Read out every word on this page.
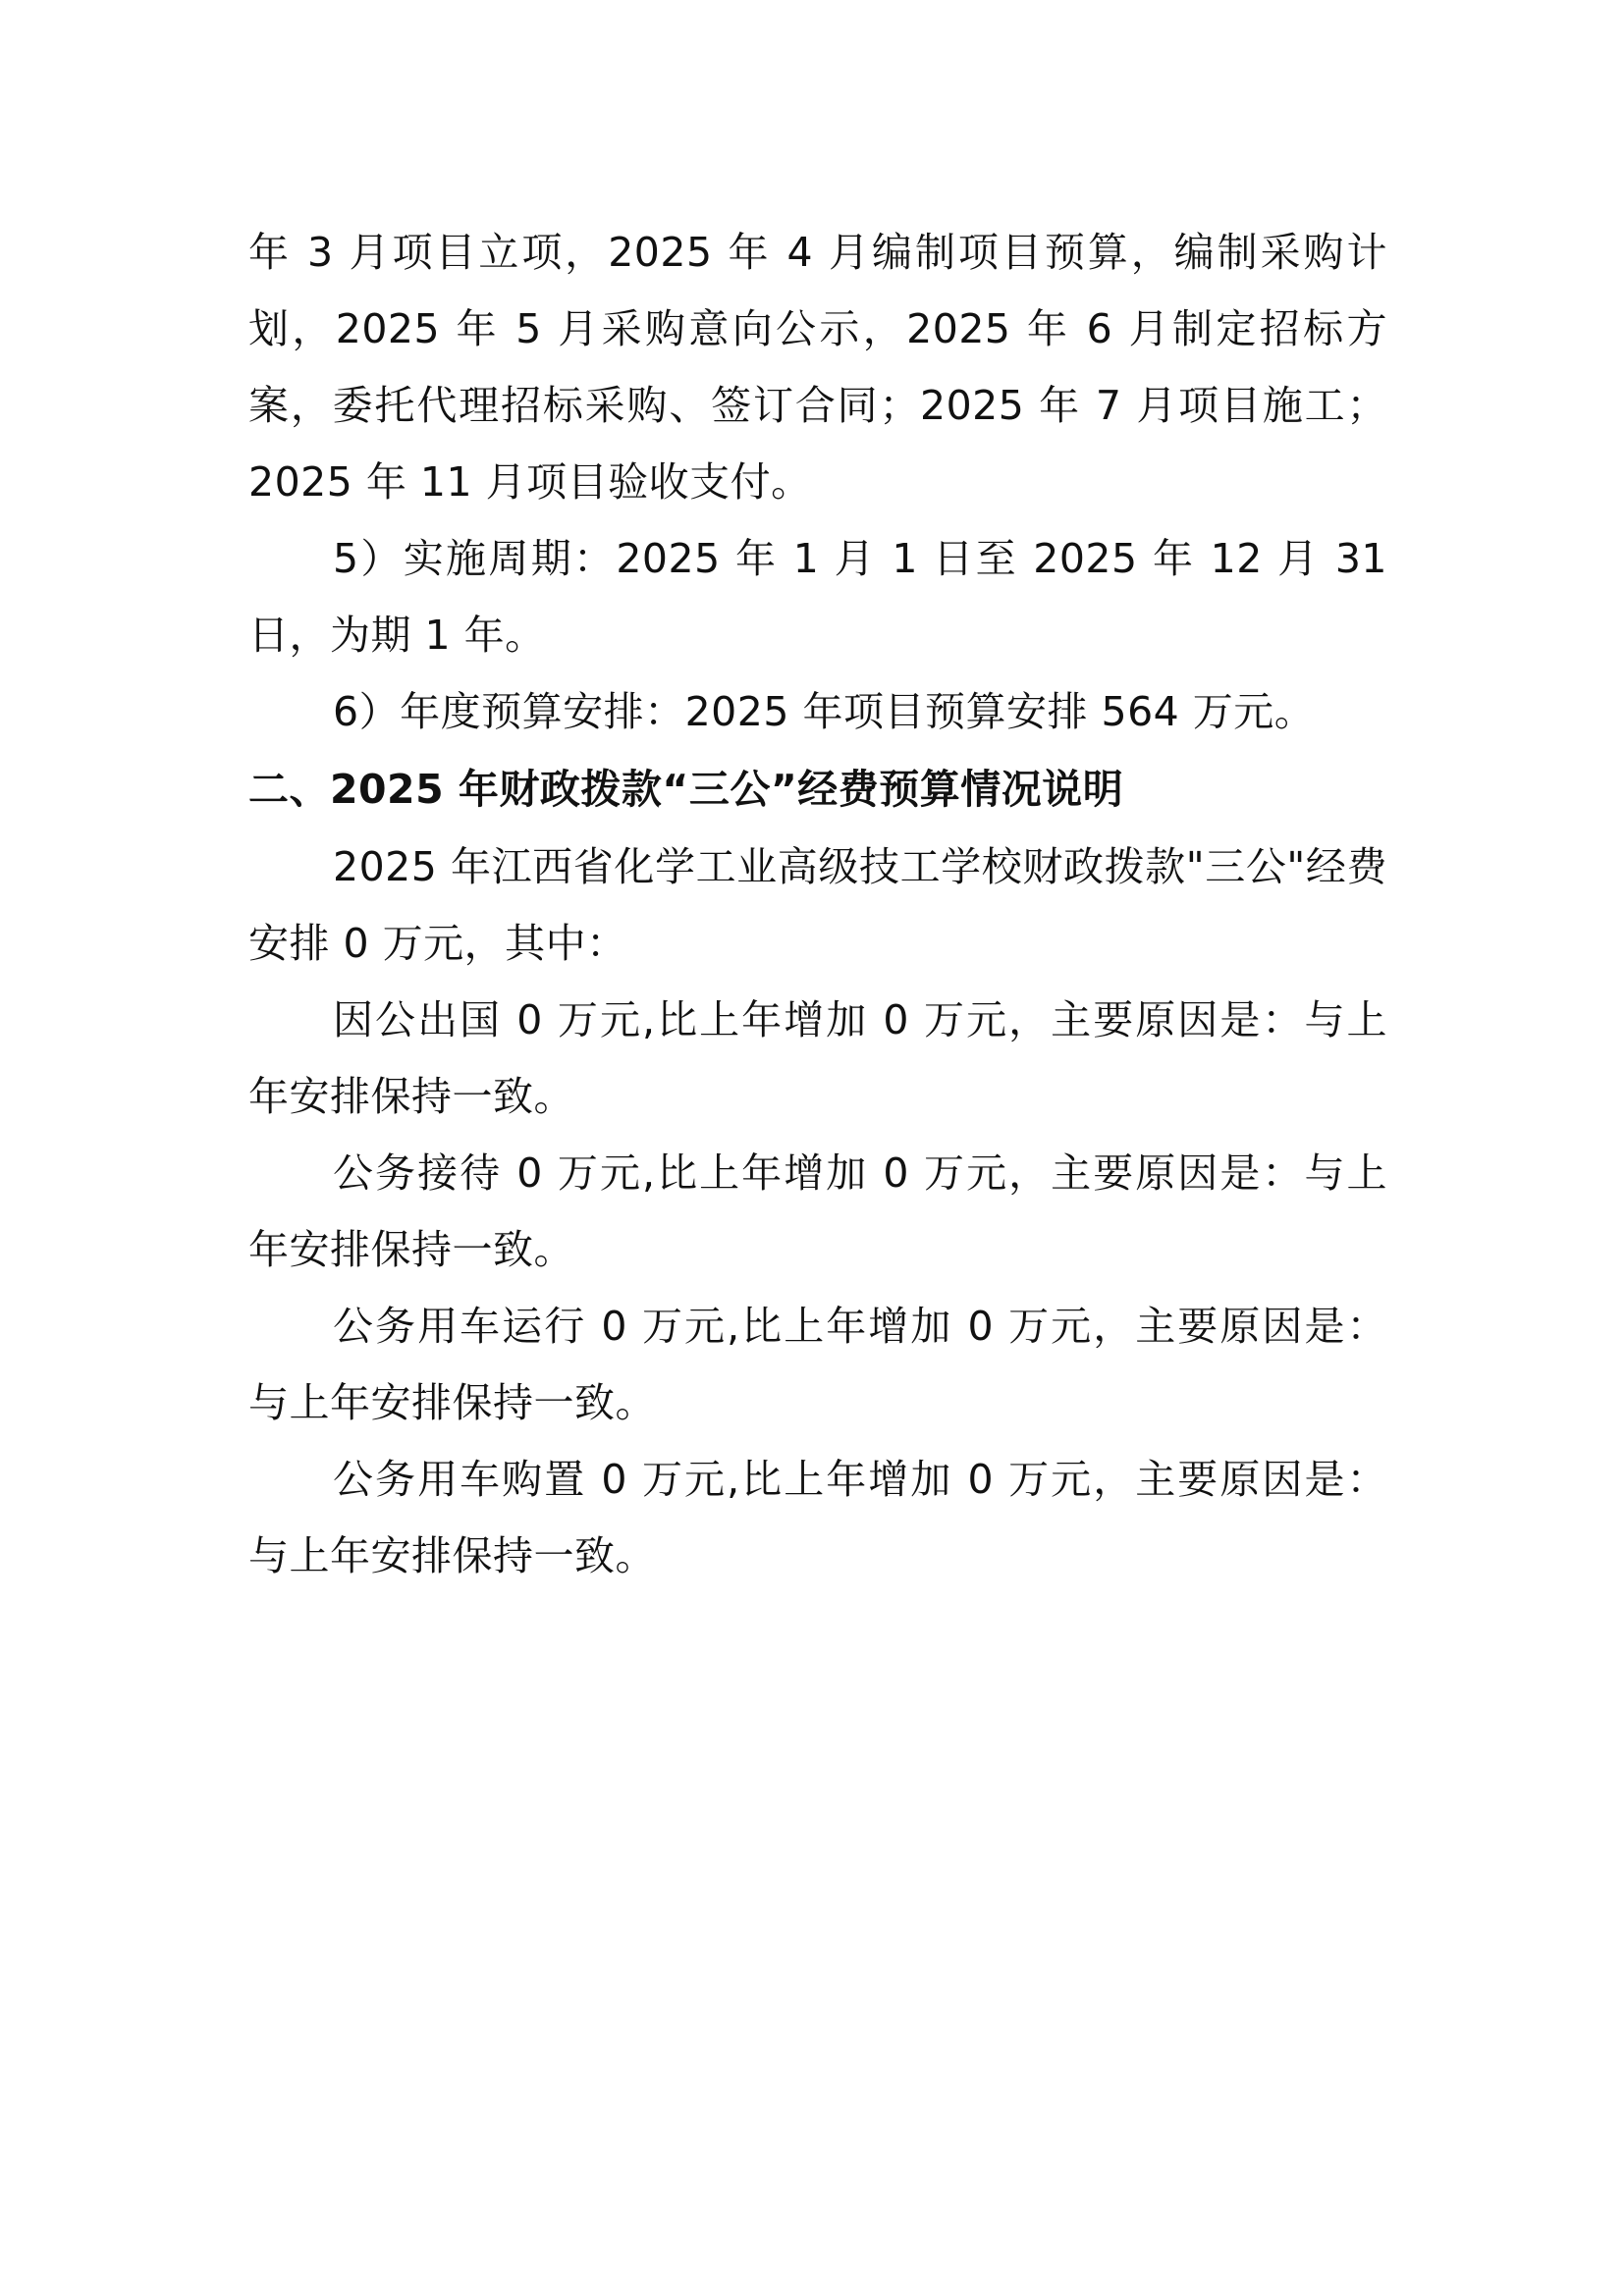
年 3 月项目立项，2025 年 4 月编制项目预算，编制采购计划，2025 年 5 月采购意向公示，2025 年 6 月制定招标方案，委托代理招标采购、签订合同；2025 年 7 月项目施工；2025 年 11 月项目验收支付。

5）实施周期：2025 年 1 月 1 日至 2025 年 12 月 31 日，为期 1 年。

6）年度预算安排：2025 年项目预算安排 564 万元。

二、2025 年财政拨款“三公”经费预算情况说明

2025 年江西省化学工业高级技工学校财政拨款"三公"经费安排 0 万元，其中：

因公出国 0 万元,比上年增加 0 万元，主要原因是：与上年安排保持一致。

公务接待 0 万元,比上年增加 0 万元，主要原因是：与上年安排保持一致。

公务用车运行 0 万元,比上年增加 0 万元，主要原因是：与上年安排保持一致。

公务用车购置 0 万元,比上年增加 0 万元，主要原因是：与上年安排保持一致。
